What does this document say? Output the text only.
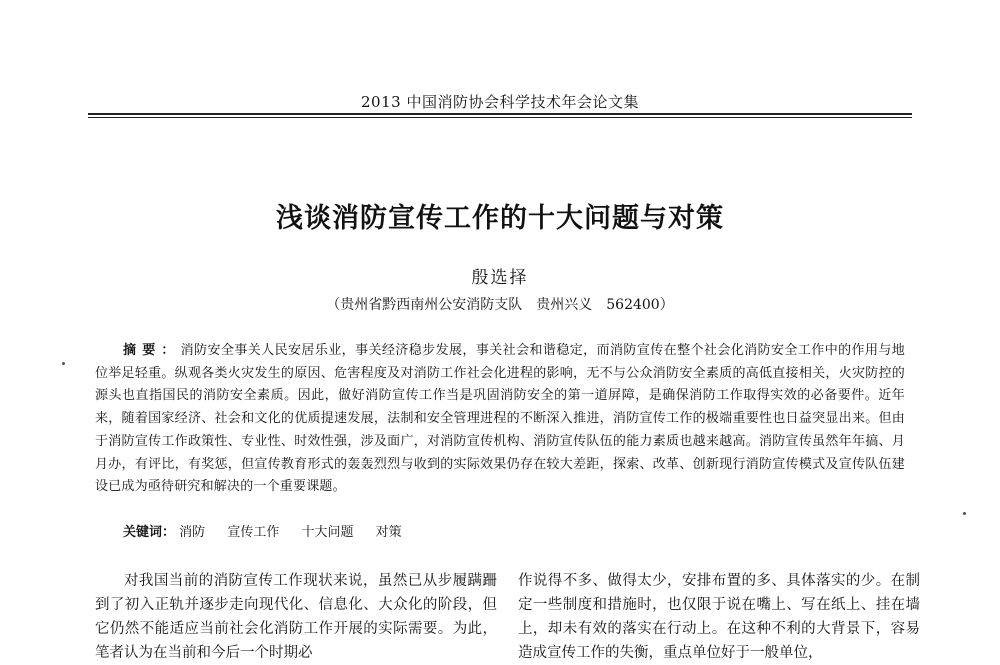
2013 中国消防协会科学技术年会论文集
浅谈消防宣传工作的十大问题与对策
殷选择
（贵州省黔西南州公安消防支队　贵州兴义　562400）
摘要：消防安全事关人民安居乐业，事关经济稳步发展，事关社会和谐稳定，而消防宣传在整个社会化消防安全工作中的作用与地位举足轻重。纵观各类火灾发生的原因、危害程度及对消防工作社会化进程的影响，无不与公众消防安全素质的高低直接相关，火灾防控的源头也直指国民的消防安全素质。因此，做好消防宣传工作当是巩固消防安全的第一道屏障，是确保消防工作取得实效的必备要件。近年来，随着国家经济、社会和文化的优质提速发展，法制和安全管理进程的不断深入推进，消防宣传工作的极端重要性也日益突显出来。但由于消防宣传工作政策性、专业性、时效性强，涉及面广，对消防宣传机构、消防宣传队伍的能力素质也越来越高。消防宣传虽然年年搞、月月办，有评比，有奖惩，但宣传教育形式的轰轰烈烈与收到的实际效果仍存在较大差距，探索、改革、创新现行消防宣传模式及宣传队伍建设已成为亟待研究和解决的一个重要课题。
关键词： 消防 宣传工作 十大问题 对策
对我国当前的消防宣传工作现状来说，虽然已从步履蹒跚到了初入正轨并逐步走向现代化、信息化、大众化的阶段，但它仍然不能适应当前社会化消防工作开展的实际需要。为此，笔者认为在当前和今后一个时期必
作说得不多、做得太少，安排布置的多、具体落实的少。在制定一些制度和措施时，也仅限于说在嘴上、写在纸上、挂在墙上，却未有效的落实在行动上。在这种不利的大背景下，容易造成宣传工作的失衡，重点单位好于一般单位，
